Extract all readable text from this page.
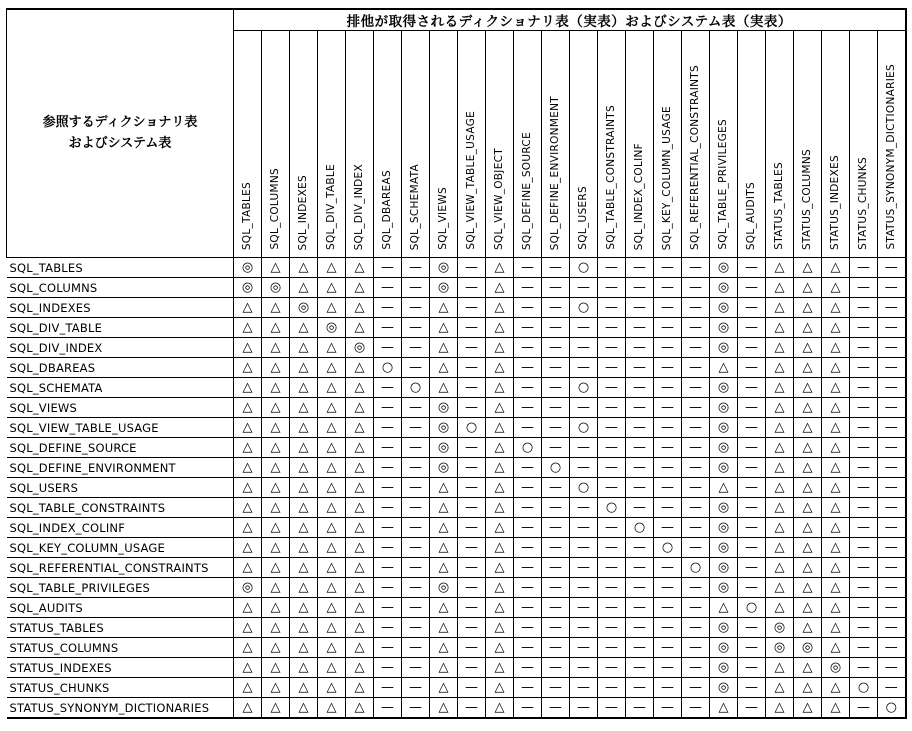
参照するディクショナリ表
およびシステム表	排他が取得されるディクショナリ表（実表）およびシステム表（実表）																							
	SQL_TABLES	SQL_COLUMNS	SQL_INDEXES	SQL_DIV_TABLE	SQL_DIV_INDEX	SQL_DBAREAS	SQL_SCHEMATA	SQL_VIEWS	SQL_VIEW_TABLE_USAGE	SQL_VIEW_OBJECT	SQL_DEFINE_SOURCE	SQL_DEFINE_ENVIRONMENT	SQL_USERS	SQL_TABLE_CONSTRAINTS	SQL_INDEX_COLINF	SQL_KEY_COLUMN_USAGE	SQL_REFERENTIAL_CONSTRAINTS	SQL_TABLE_PRIVILEGES	SQL_AUDITS	STATUS_TABLES	STATUS_COLUMNS	STATUS_INDEXES	STATUS_CHUNKS	STATUS_SYNONYM_DICTIONARIES
SQL_TABLES	◎	△	△	△	△	—	—	◎	—	△	—	—	○	—	—	—	—	◎	—	△	△	△	—	—
SQL_COLUMNS	◎	◎	△	△	△	—	—	◎	—	△	—	—	—	—	—	—	—	◎	—	△	△	△	—	—
SQL_INDEXES	△	△	◎	△	△	—	—	△	—	△	—	—	○	—	—	—	—	◎	—	△	△	△	—	—
SQL_DIV_TABLE	△	△	△	◎	△	—	—	△	—	△	—	—	—	—	—	—	—	◎	—	△	△	△	—	—
SQL_DIV_INDEX	△	△	△	△	◎	—	—	△	—	△	—	—	—	—	—	—	—	◎	—	△	△	△	—	—
SQL_DBAREAS	△	△	△	△	△	○	—	△	—	△	—	—	—	—	—	—	—	△	—	△	△	△	—	—
SQL_SCHEMATA	△	△	△	△	△	—	○	△	—	△	—	—	○	—	—	—	—	◎	—	△	△	△	—	—
SQL_VIEWS	△	△	△	△	△	—	—	◎	—	△	—	—	—	—	—	—	—	◎	—	△	△	△	—	—
SQL_VIEW_TABLE_USAGE	△	△	△	△	△	—	—	◎	○	△	—	—	○	—	—	—	—	◎	—	△	△	△	—	—
SQL_DEFINE_SOURCE	△	△	△	△	△	—	—	◎	—	△	○	—	—	—	—	—	—	◎	—	△	△	△	—	—
SQL_DEFINE_ENVIRONMENT	△	△	△	△	△	—	—	◎	—	△	—	○	—	—	—	—	—	◎	—	△	△	△	—	—
SQL_USERS	△	△	△	△	△	—	—	△	—	△	—	—	○	—	—	—	—	△	—	△	△	△	—	—
SQL_TABLE_CONSTRAINTS	△	△	△	△	△	—	—	△	—	△	—	—	—	○	—	—	—	◎	—	△	△	△	—	—
SQL_INDEX_COLINF	△	△	△	△	△	—	—	△	—	△	—	—	—	—	○	—	—	◎	—	△	△	△	—	—
SQL_KEY_COLUMN_USAGE	△	△	△	△	△	—	—	△	—	△	—	—	—	—	—	○	—	◎	—	△	△	△	—	—
SQL_REFERENTIAL_CONSTRAINTS	△	△	△	△	△	—	—	△	—	△	—	—	—	—	—	—	○	◎	—	△	△	△	—	—
SQL_TABLE_PRIVILEGES	◎	△	△	△	△	—	—	◎	—	△	—	—	—	—	—	—	—	◎	—	△	△	△	—	—
SQL_AUDITS	△	△	△	△	△	—	—	△	—	△	—	—	—	—	—	—	—	△	○	△	△	△	—	—
STATUS_TABLES	△	△	△	△	△	—	—	△	—	△	—	—	—	—	—	—	—	◎	—	◎	△	△	—	—
STATUS_COLUMNS	△	△	△	△	△	—	—	△	—	△	—	—	—	—	—	—	—	◎	—	◎	◎	△	—	—
STATUS_INDEXES	△	△	△	△	△	—	—	△	—	△	—	—	—	—	—	—	—	◎	—	△	△	◎	—	—
STATUS_CHUNKS	△	△	△	△	△	—	—	△	—	△	—	—	—	—	—	—	—	◎	—	△	△	△	○	—
STATUS_SYNONYM_DICTIONARIES	△	△	△	△	△	—	—	△	—	△	—	—	—	—	—	—	—	△	—	△	△	△	—	○
